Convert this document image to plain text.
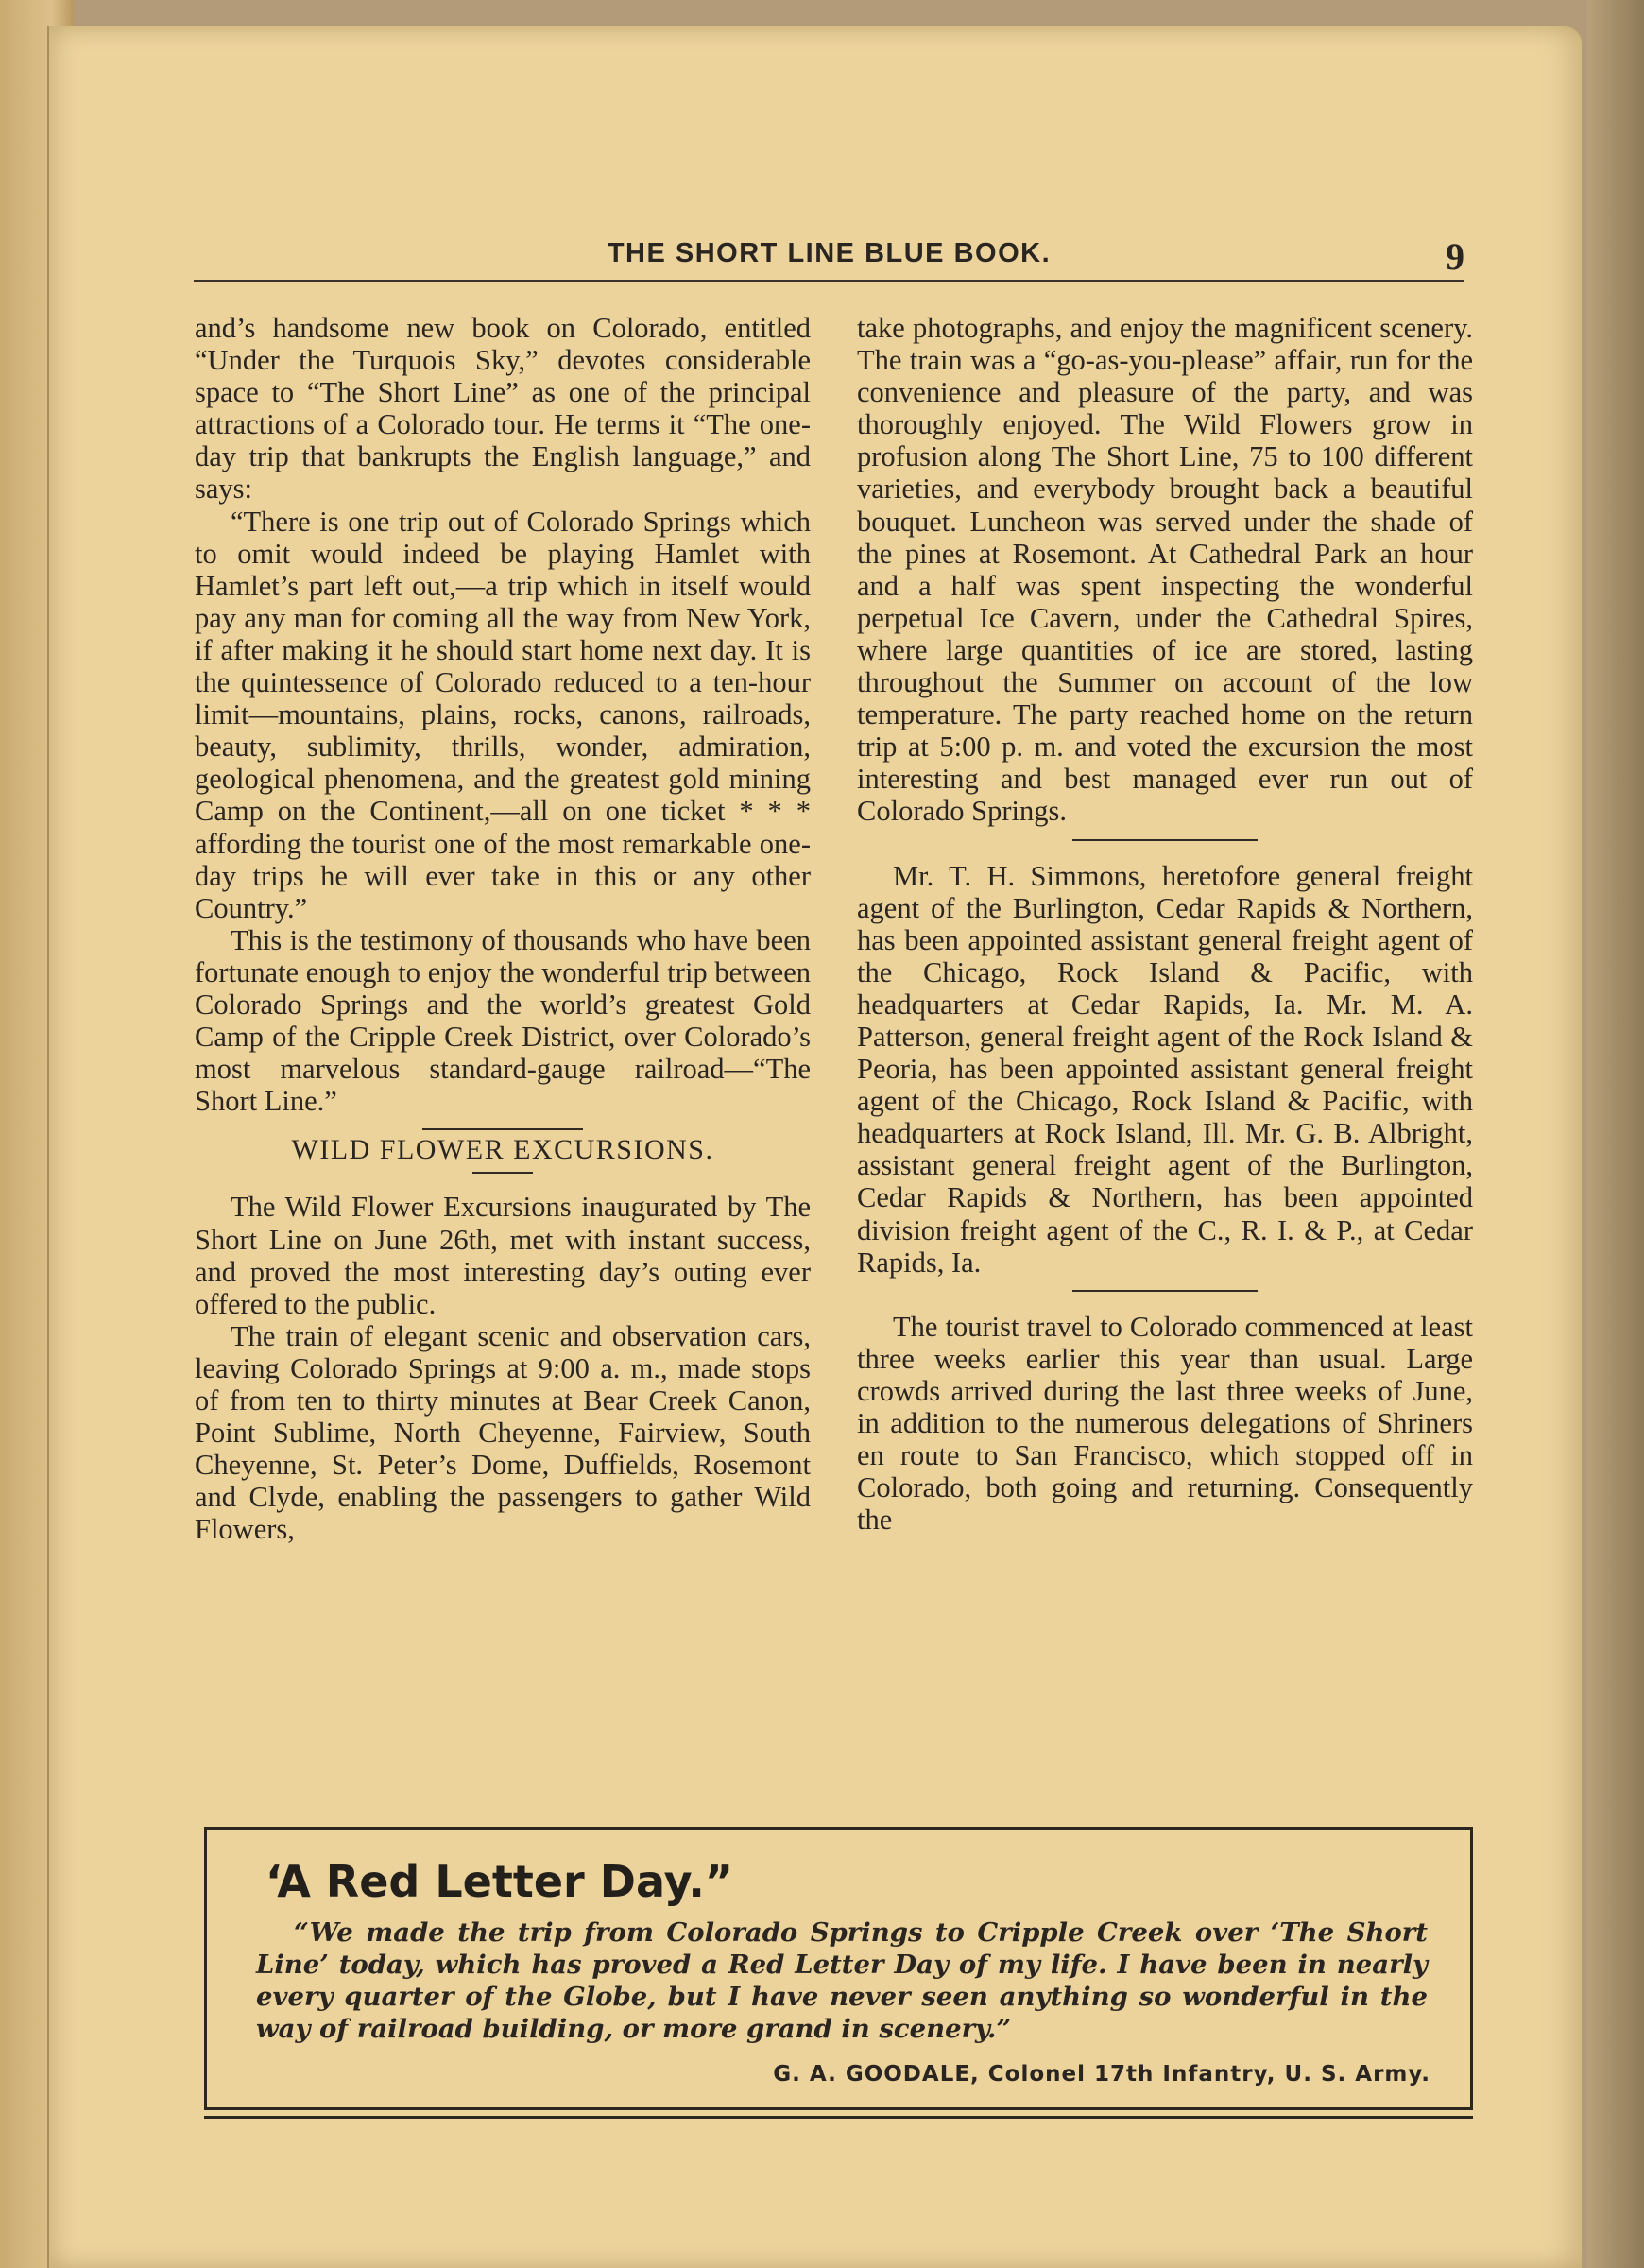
THE SHORT LINE BLUE BOOK.	9

and’s handsome new book on Colorado, entitled “Under the Turquois Sky,” devotes considerable space to “The Short Line” as one of the principal attractions of a Colorado tour. He terms it “The one-day trip that bankrupts the English language,” and says:

“There is one trip out of Colorado Springs which to omit would indeed be playing Hamlet with Hamlet’s part left out,—a trip which in itself would pay any man for coming all the way from New York, if after making it he should start home next day. It is the quintessence of Colorado reduced to a ten-hour limit—mountains, plains, rocks, canons, railroads, beauty, sublimity, thrills, wonder, admiration, geological phenomena, and the greatest gold mining Camp on the Continent,—all on one ticket * * * affording the tourist one of the most remarkable one-day trips he will ever take in this or any other Country.”

This is the testimony of thousands who have been fortunate enough to enjoy the wonderful trip between Colorado Springs and the world’s greatest Gold Camp of the Cripple Creek District, over Colorado’s most marvelous standard-gauge railroad—“The Short Line.”

WILD FLOWER EXCURSIONS.

The Wild Flower Excursions inaugurated by The Short Line on June 26th, met with instant success, and proved the most interesting day’s outing ever offered to the public.

The train of elegant scenic and observation cars, leaving Colorado Springs at 9:00 a. m., made stops of from ten to thirty minutes at Bear Creek Canon, Point Sublime, North Cheyenne, Fairview, South Cheyenne, St. Peter’s Dome, Duffields, Rosemont and Clyde, enabling the passengers to gather Wild Flowers,

take photographs, and enjoy the magnificent scenery. The train was a “go-as-you-please” affair, run for the convenience and pleasure of the party, and was thoroughly enjoyed. The Wild Flowers grow in profusion along The Short Line, 75 to 100 different varieties, and everybody brought back a beautiful bouquet. Luncheon was served under the shade of the pines at Rosemont. At Cathedral Park an hour and a half was spent inspecting the wonderful perpetual Ice Cavern, under the Cathedral Spires, where large quantities of ice are stored, lasting throughout the Summer on account of the low temperature. The party reached home on the return trip at 5:00 p. m. and voted the excursion the most interesting and best managed ever run out of Colorado Springs.

Mr. T. H. Simmons, heretofore general freight agent of the Burlington, Cedar Rapids & Northern, has been appointed assistant general freight agent of the Chicago, Rock Island & Pacific, with headquarters at Cedar Rapids, Ia. Mr. M. A. Patterson, general freight agent of the Rock Island & Peoria, has been appointed assistant general freight agent of the Chicago, Rock Island & Pacific, with headquarters at Rock Island, Ill. Mr. G. B. Albright, assistant general freight agent of the Burlington, Cedar Rapids & Northern, has been appointed division freight agent of the C., R. I. & P., at Cedar Rapids, Ia.

The tourist travel to Colorado commenced at least three weeks earlier this year than usual. Large crowds arrived during the last three weeks of June, in addition to the numerous delegations of Shriners en route to San Francisco, which stopped off in Colorado, both going and returning. Consequently the

‘A Red Letter Day.”
“We made the trip from Colorado Springs to Cripple Creek over ‘The Short Line’ today, which has proved a Red Letter Day of my life. I have been in nearly every quarter of the Globe, but I have never seen anything so wonderful in the way of railroad building, or more grand in scenery.”
G. A. GOODALE, Colonel 17th Infantry, U. S. Army.
